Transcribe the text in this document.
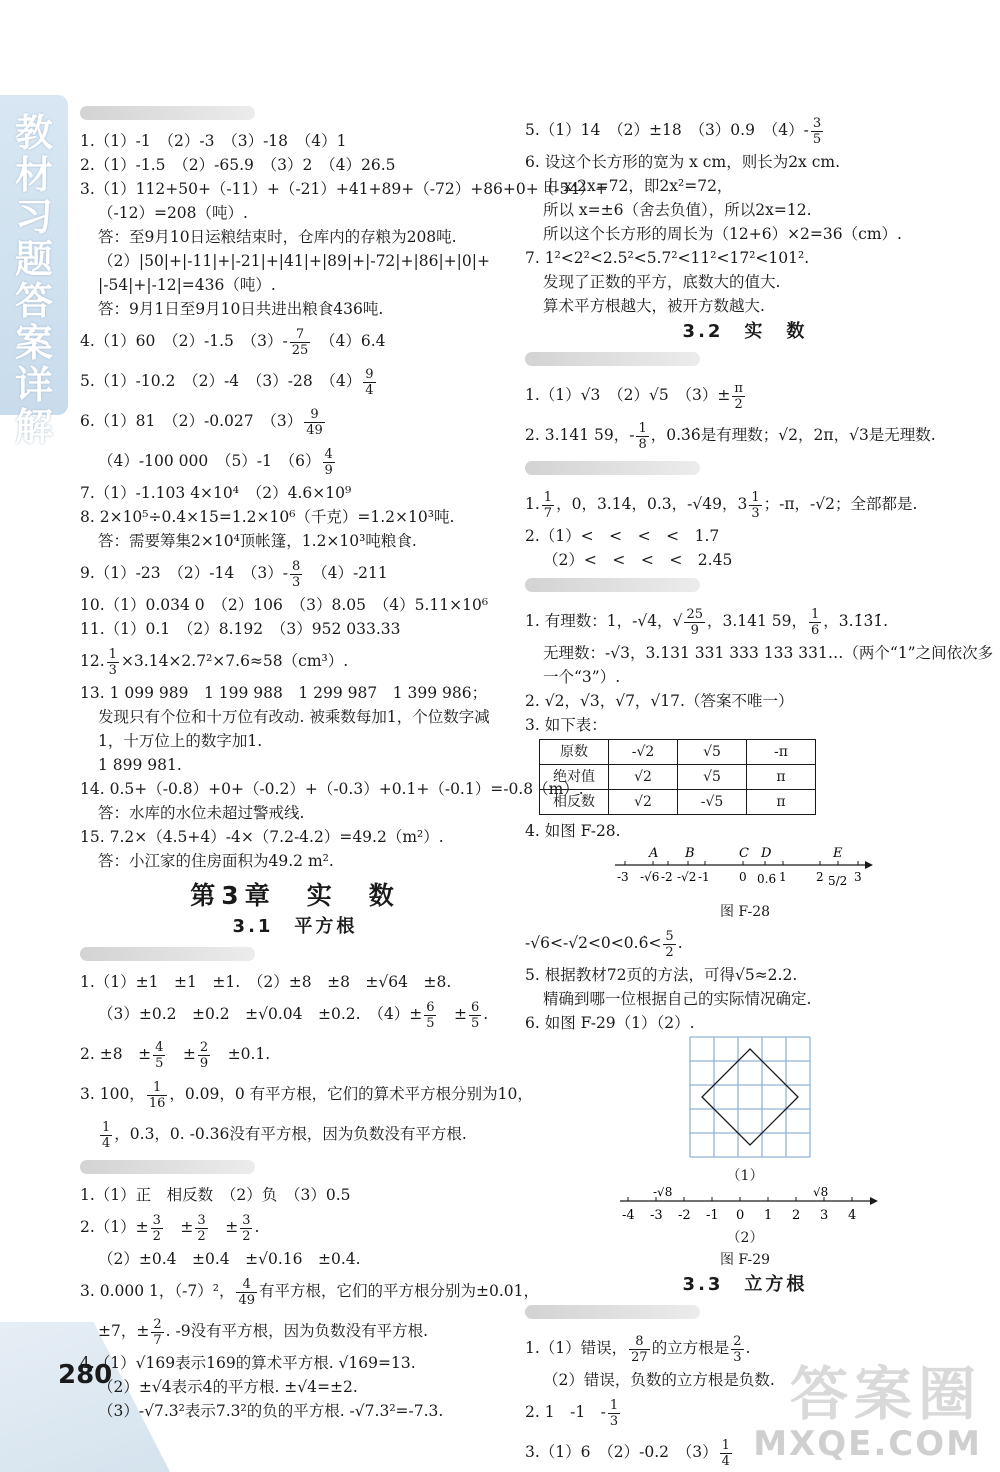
教
材
习
题
答
案
详
解
280	答案圈
MXQE.COM
1.（1）-1　（2）-3　（3）-18　（4）1
2.（1）-1.5　（2）-65.9　（3）2　（4）26.5
3.（1）112+50+（-11）+（-21）+41+89+（-72）+86+0+（-54）+
（-12）=208（吨）.
答：至9月10日运粮结束时，仓库内的存粮为208吨.
（2）|50|+|-11|+|-21|+|41|+|89|+|-72|+|86|+|0|+
|-54|+|-12|=436（吨）.
答：9月1日至9月10日共进出粮食436吨.
4.（1）60　（2）-1.5　$(3)- \frac{7}{25}$ 　（4）6.4
5.（1）-10.2　（2）-4　（3）-28　$(4) \frac{9}{4}$
6.（1）81　（2）-0.027　$(3) \frac{9}{49}$
（4）-100 000　（5）-1　$(6) \frac{4}{9}$
7.（1）-1.103 4×10⁴　（2）4.6×10⁹
8. 2×10⁵÷0.4×15=1.2×10⁶（千克）=1.2×10³吨.
答：需要筹集2×10⁴顶帐篷，1.2×10³吨粮食.
9.（1）-23　（2）-14　$(3)- \frac{8}{3}$ 　（4）-211
10.（1）0.034 0　（2）106　（3）8.05　（4）5.11×10⁶
11.（1）0.1　（2）8.192　（3）952 033.33
12. $\frac{1}{3} \times 3.14\times 2.7^2\times 7.6\approx 58(cm^3)$.
13. 1 099 989　1 199 988　1 299 987　1 399 986；
发现只有个位和十万位有改动. 被乘数每加1，个位数字减
1，十万位上的数字加1.
1 899 981.
14. 0.5+（-0.8）+0+（-0.2）+（-0.3）+0.1+（-0.1）=-0.8（m）.
答：水库的水位未超过警戒线.
15. 7.2×（4.5+4）-4×（7.2-4.2）=49.2（m²）.
答：小江家的住房面积为49.2 m².
第3章　实　数
3.1　平方根
1.（1）±1　±1　±1.　（2）±8　±8　±√64　±8.
（3）±0.2　±0.2　±√0.04　±0.2.　$(4)\pm \frac{6}{5}$ 　± $\frac{6}{5}$ .
2. ±8　± $\frac{4}{5}$ 　± $\frac{2}{9}$ 　±0.1.
3. 100， $\frac{1}{16}$ ，0.09，0 有平方根，它们的算术平方根分别为10，
$\frac{1}{4}$ ，0.3，0. -0.36没有平方根，因为负数没有平方根.
1.（1）正　相反数　（2）负　（3）0.5
$2.(1)\pm \frac{3}{2}$ 　± $\frac{3}{2}$ 　± $\frac{3}{2}$ .
（2）±0.4　±0.4　±√0.16　±0.4.
3. 0.000 1，（-7）²， $\frac{4}{49}$ 有平方根，它们的平方根分别为±0.01，
±7，± $\frac{2}{7}$ . -9没有平方根，因为负数没有平方根.
4.（1）√169表示169的算术平方根. √169=13.
（2）±√4表示4的平方根. ±√4=±2.
（3）-√7.3²表示7.3²的负的平方根. -√7.3²=-7.3.
5.（1）14　（2）±18　（3）0.9　$(4)- \frac{3}{5}$
6. 设这个长方形的宽为 x cm，则长为2x cm.
由 x·2x=72，即2x²=72，
所以 x=±6（舍去负值），所以2x=12.
所以这个长方形的周长为（12+6）×2=36（cm）.
7. 1²<2²<2.5²<5.7²<11²<17²<101².
发现了正数的平方，底数大的值大.
算术平方根越大，被开方数越大.
3.2　实　数
1.（1）√3　（2）√5　$(3)\pm \frac{\pi}{2}$
2. 3.141 59，- $\frac{1}{8}$ ，0.3̇6̇是有理数；√2，2π，√3是无理数.
1. $\frac{1}{7}$ ，0，3.14，0.3，-√49，$3 \frac{1}{3}$ ；-π，-√2；全部都是.
2.（1）<　<　<　<　1.7
（2）<　<　<　<　2.45
1. 有理数：1，-√4，√ $\frac{25}{9}$ ，3.141 59， $\frac{1}{6}$ ，3.1̇3̇1̇.
无理数：-√3，3.131 331 333 133 331…（两个“1”之间依次多
一个“3”）.
2. √2，√3，√7，√17.（答案不唯一）
3. 如下表：
原数	-√2	√5	-π
绝对值	√2	√5	π
相反数	√2	-√5	π
4. 如图 F-28.
A B	C D	E
-3 -√6 -2 -√2 -1 0 0.6̇ 1 2 5/2 3
图 F-28
-√6<-√2<0<0.6̇< $\frac{5}{2}$ .
5. 根据教材72页的方法，可得√5≈2.2.
精确到哪一位根据自己的实际情况确定.
6. 如图 F-29（1）（2）.
（1）
-√8	√8
-4 -3 -2 -1 0 1 2 3 4
（2）
图 F-29
3.3　立方根
1.（1）错误， $\frac{8}{27}$ 的立方根是 $\frac{2}{3}$ .
（2）错误，负数的立方根是负数.
2. 1　-1　- $\frac{1}{3}$
3.（1）6　（2）-0.2　$(3) \frac{1}{4}$
